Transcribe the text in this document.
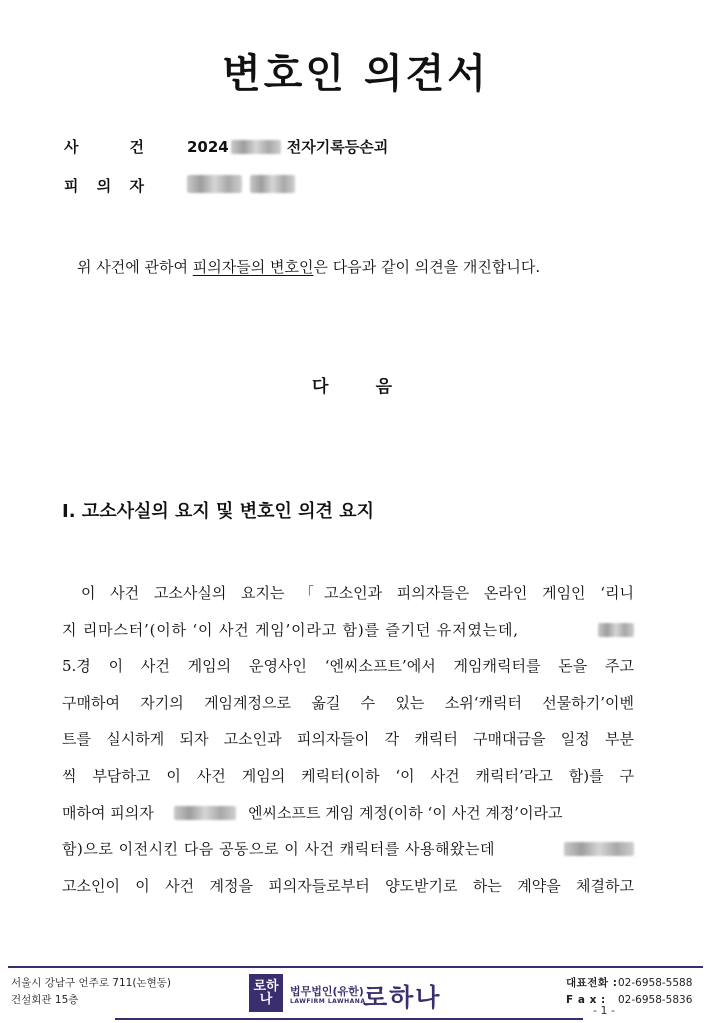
변호인 의견서
사	건	2024	전자기록등손괴
피 의 자
위 사건에 관하여 피의자들의 변호인은 다음과 같이 의견을 개진합니다.
다	음
I. 고소사실의 요지 및 변호인 의견 요지
이 사건 고소사실의 요지는 「고소인과 피의자들은 온라인 게임인 ‘리니
지 리마스터’(이하 ‘이 사건 게임’이라고 함)를 즐기던 유저였는데,
5.경 이 사건 게임의 운영사인 ‘엔씨소프트’에서 게임캐릭터를 돈을 주고
구매하여 자기의 게임계정으로 옮길 수 있는 소위‘캐릭터 선물하기’이벤
트를 실시하게 되자 고소인과 피의자들이 각 캐릭터 구매대금을 일정 부분
씩 부담하고 이 사건 게임의 케릭터(이하 ‘이 사건 캐릭터’라고 함)를 구
매하여 피의자	엔씨소프트 게임 계정(이하 ‘이 사건 계정’이라고
함)으로 이전시킨 다음 공동으로 이 사건 캐릭터를 사용해왔는데
고소인이 이 사건 계정을 피의자들로부터 양도받기로 하는 계약을 체결하고
서울시 강남구 언주로 711(논현동)
건설회관 15층
로하나
법무법인(유한)
LAWFIRM LAWHANA
로하나	대표전화 :02-6958-5588
F a x : 02-6958-5836
- 1 -
